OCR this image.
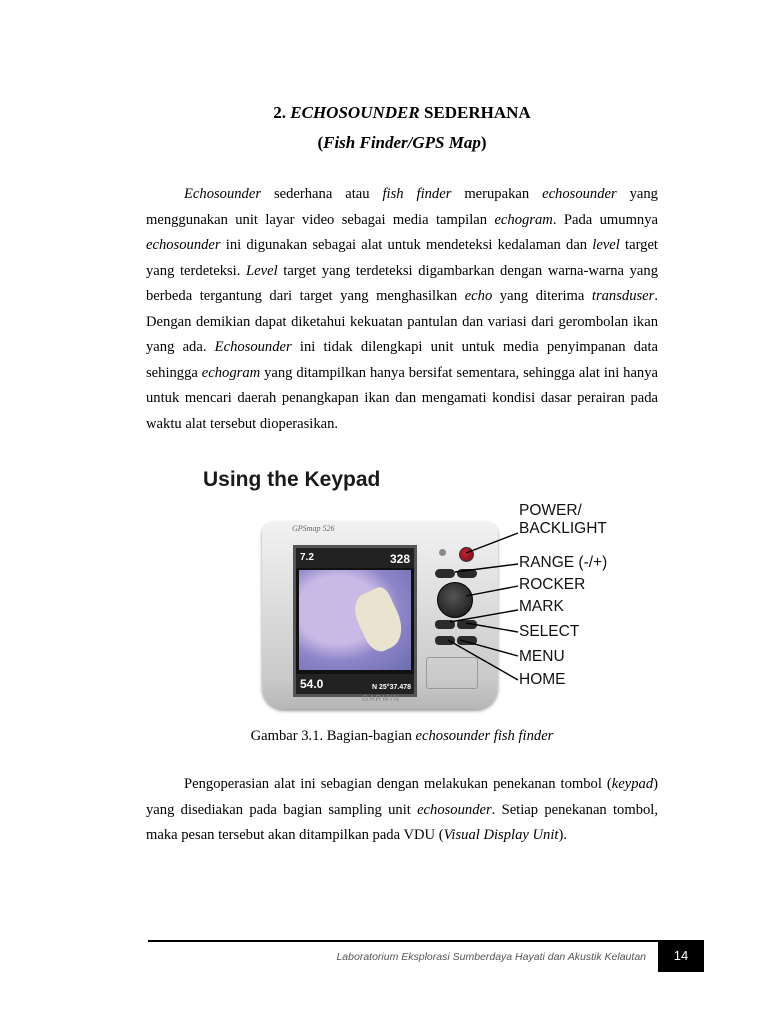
2. ECHOSOUNDER SEDERHANA
(Fish Finder/GPS Map)
Echosounder sederhana atau fish finder merupakan echosounder yang menggunakan unit layar video sebagai media tampilan echogram. Pada umumnya echosounder ini digunakan sebagai alat untuk mendeteksi kedalaman dan level target yang terdeteksi. Level target yang terdeteksi digambarkan dengan warna-warna yang berbeda tergantung dari target yang menghasilkan echo yang diterima transduser. Dengan demikian dapat diketahui kekuatan pantulan dan variasi dari gerombolan ikan yang ada. Echosounder ini tidak dilengkapi unit untuk media penyimpanan data sehingga echogram yang ditampilkan hanya bersifat sementara, sehingga alat ini hanya untuk mencari daerah penangkapan ikan dan mengamati kondisi dasar perairan pada waktu alat tersebut dioperasikan.
Using the Keypad
GPSmap 526
7.2	328
54.0	N 25°37.478
GARMIN
POWER/
BACKLIGHT
RANGE (-/+)
ROCKER
MARK
SELECT
MENU
HOME
Gambar 3.1. Bagian-bagian echosounder fish finder
Pengoperasian alat ini sebagian dengan melakukan penekanan tombol (keypad) yang disediakan pada bagian sampling unit echosounder. Setiap penekanan tombol, maka pesan tersebut akan ditampilkan pada VDU (Visual Display Unit).
Laboratorium Eksplorasi Sumberdaya Hayati dan Akustik Kelautan	14
